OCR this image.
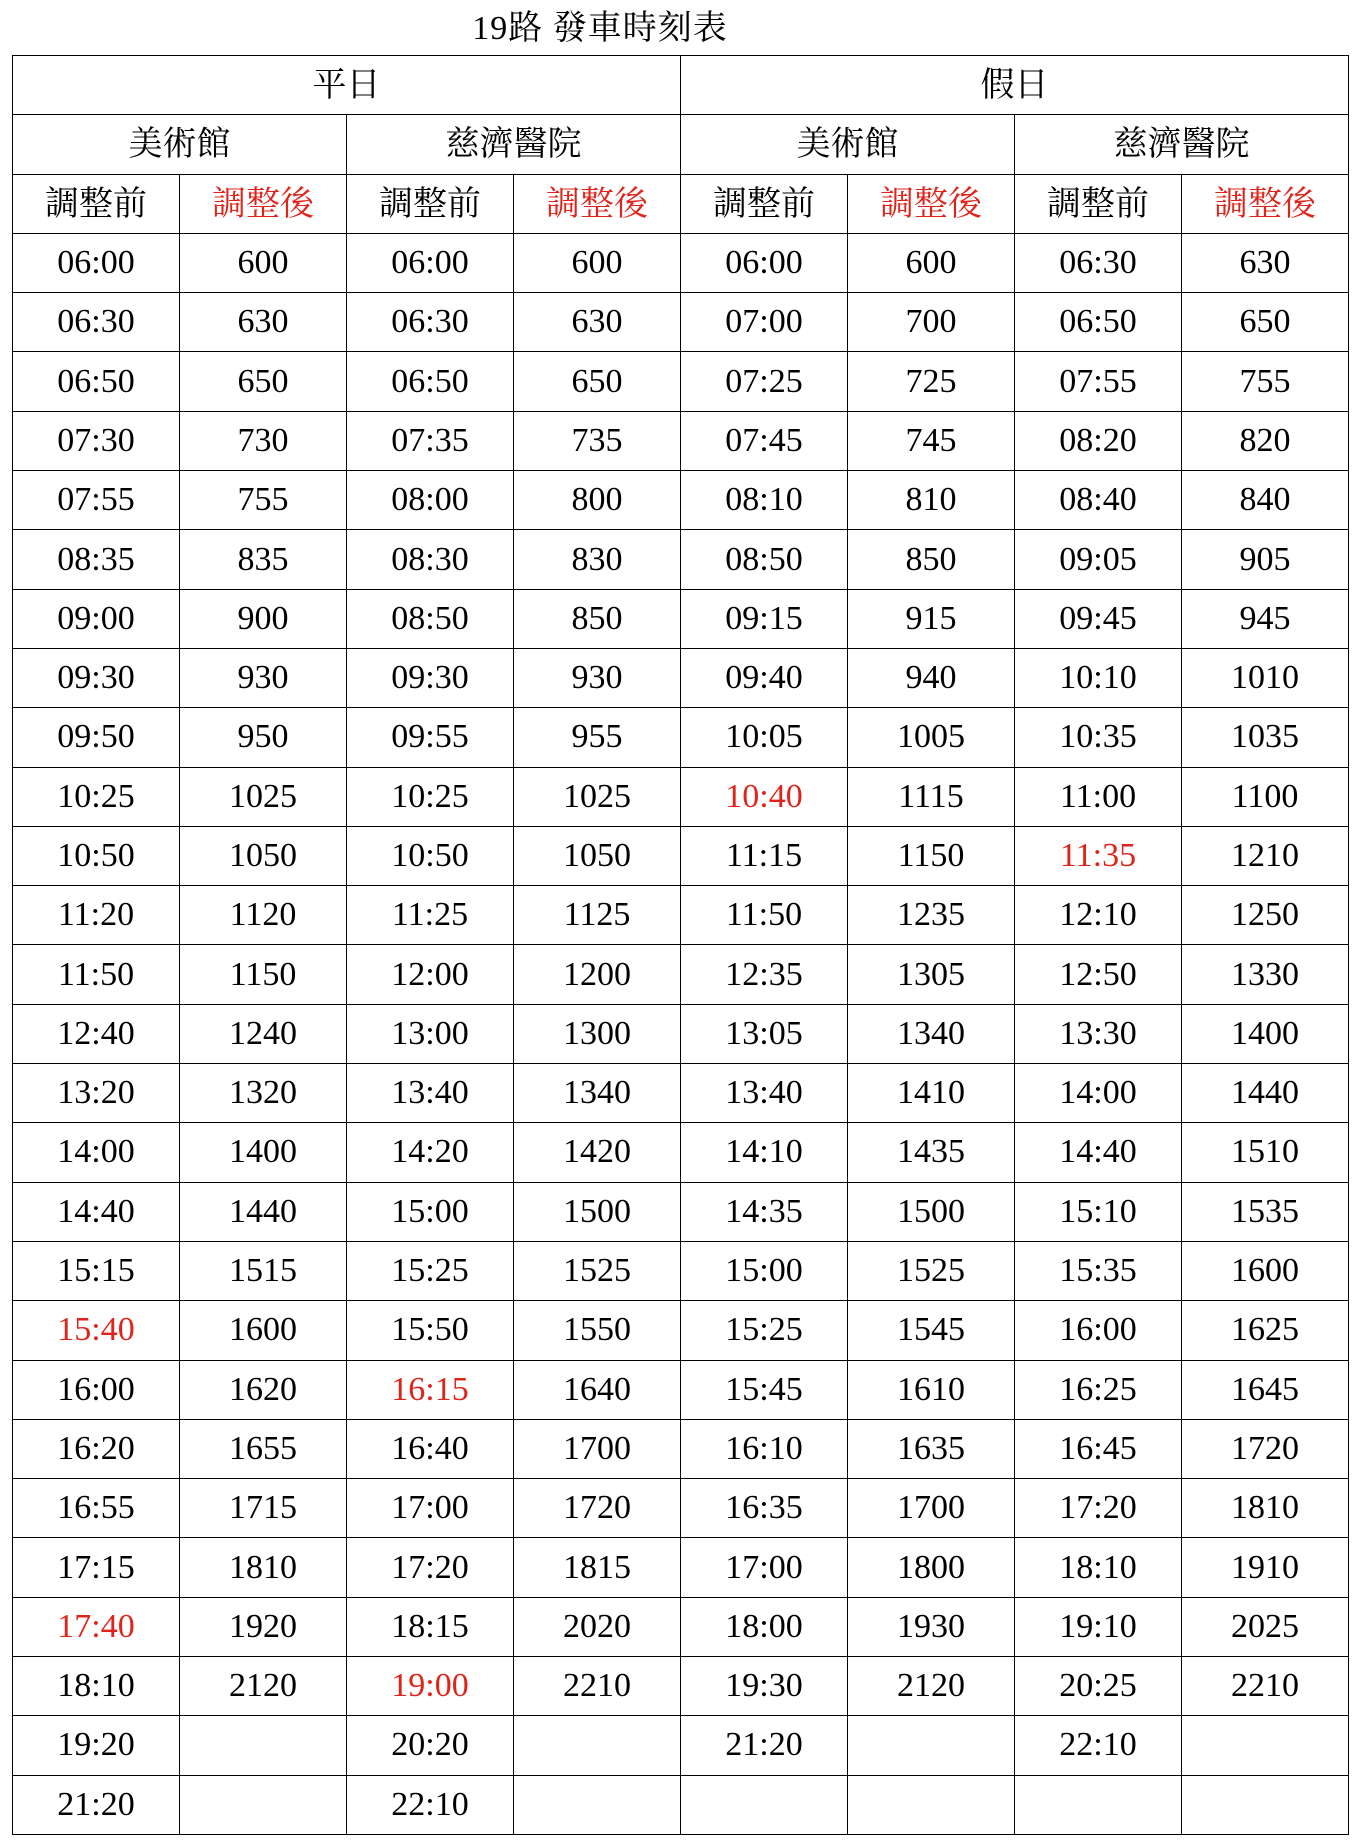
19路 發車時刻表
平日				假日			
美術館		慈濟醫院		美術館		慈濟醫院	
調整前	調整後	調整前	調整後	調整前	調整後	調整前	調整後
06:00	600	06:00	600	06:00	600	06:30	630
06:30	630	06:30	630	07:00	700	06:50	650
06:50	650	06:50	650	07:25	725	07:55	755
07:30	730	07:35	735	07:45	745	08:20	820
07:55	755	08:00	800	08:10	810	08:40	840
08:35	835	08:30	830	08:50	850	09:05	905
09:00	900	08:50	850	09:15	915	09:45	945
09:30	930	09:30	930	09:40	940	10:10	1010
09:50	950	09:55	955	10:05	1005	10:35	1035
10:25	1025	10:25	1025	10:40	1115	11:00	1100
10:50	1050	10:50	1050	11:15	1150	11:35	1210
11:20	1120	11:25	1125	11:50	1235	12:10	1250
11:50	1150	12:00	1200	12:35	1305	12:50	1330
12:40	1240	13:00	1300	13:05	1340	13:30	1400
13:20	1320	13:40	1340	13:40	1410	14:00	1440
14:00	1400	14:20	1420	14:10	1435	14:40	1510
14:40	1440	15:00	1500	14:35	1500	15:10	1535
15:15	1515	15:25	1525	15:00	1525	15:35	1600
15:40	1600	15:50	1550	15:25	1545	16:00	1625
16:00	1620	16:15	1640	15:45	1610	16:25	1645
16:20	1655	16:40	1700	16:10	1635	16:45	1720
16:55	1715	17:00	1720	16:35	1700	17:20	1810
17:15	1810	17:20	1815	17:00	1800	18:10	1910
17:40	1920	18:15	2020	18:00	1930	19:10	2025
18:10	2120	19:00	2210	19:30	2120	20:25	2210
19:20		20:20		21:20		22:10	
21:20		22:10					
